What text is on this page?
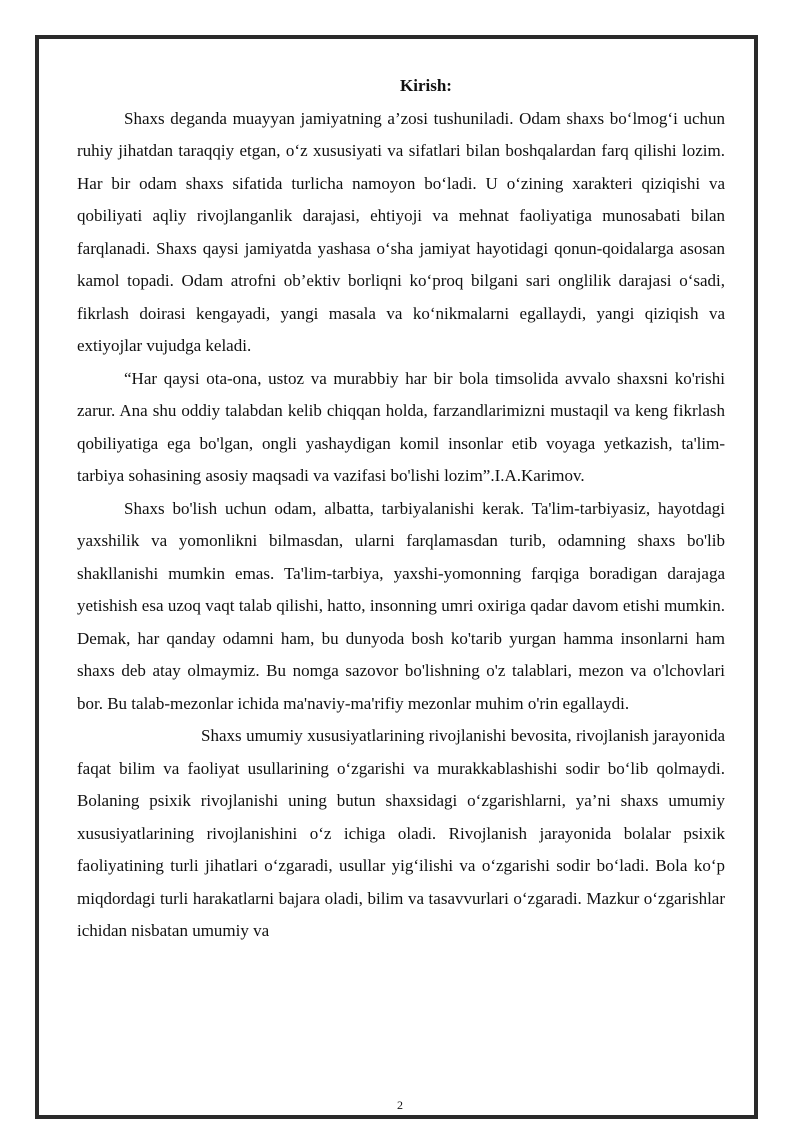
Kirish:

Shaxs deganda muayyan jamiyatning a’zosi tushuniladi. Odam shaxs bo‘lmog‘i uchun ruhiy jihatdan taraqqiy etgan, o‘z xususiyati va sifatlari bilan boshqalardan farq qilishi lozim. Har bir odam shaxs sifatida turlicha namoyon bo‘ladi. U o‘zining xarakteri qiziqishi va qobiliyati aqliy rivojlanganlik darajasi, ehtiyoji va mehnat faoliyatiga munosabati bilan farqlanadi. Shaxs qaysi jamiyatda yashasa o‘sha jamiyat hayotidagi qonun-qoidalarga asosan kamol topadi. Odam atrofni ob’ektiv borliqni ko‘proq bilgani sari onglilik darajasi o‘sadi, fikrlash doirasi kengayadi, yangi masala va ko‘nikmalarni egallaydi, yangi qiziqish va extiyojlar vujudga keladi.

“Har qaysi ota-ona, ustoz va murabbiy har bir bola timsolida avvalo shaxsni ko'rishi zarur. Ana shu oddiy talabdan kelib chiqqan holda, farzandlarimizni mustaqil va keng fikrlash qobiliyatiga ega bo'lgan, ongli yashaydigan komil insonlar etib voyaga yetkazish, ta'lim-tarbiya sohasining asosiy maqsadi va vazifasi bo'lishi lozim”.I.A.Karimov.

Shaxs bo'lish uchun odam, albatta, tarbiyalanishi kerak. Ta'lim-tarbiyasiz, hayotdagi yaxshilik va yomonlikni bilmasdan, ularni farqlamasdan turib, odamning shaxs bo'lib shakllanishi mumkin emas. Ta'lim-tarbiya, yaxshi-yomonning farqiga boradigan darajaga yetishish esa uzoq vaqt talab qilishi, hatto, insonning umri oxiriga qadar davom etishi mumkin. Demak, har qanday odamni ham, bu dunyoda bosh ko'tarib yurgan hamma insonlarni ham shaxs deb atay olmaymiz. Bu nomga sazovor bo'lishning o'z talablari, mezon va o'lchovlari bor. Bu talab-mezonlar ichida ma'naviy-ma'rifiy mezonlar muhim o'rin egallaydi.

Shaxs umumiy xususiyatlarining rivojlanishi bevosita, rivojlanish jarayonida faqat bilim va faoliyat usullarining o‘zgarishi va murakkablashishi sodir bo‘lib qolmaydi. Bolaning psixik rivojlanishi uning butun shaxsidagi o‘zgarishlarni, ya’ni shaxs umumiy xususiyatlarining rivojlanishini o‘z ichiga oladi. Rivojlanish jarayonida bolalar psixik faoliyatining turli jihatlari o‘zgaradi, usullar yig‘ilishi va o‘zgarishi sodir bo‘ladi. Bola ko‘p miqdordagi turli harakatlarni bajara oladi, bilim va tasavvurlari o‘zgaradi. Mazkur o‘zgarishlar ichidan nisbatan umumiy va

2
